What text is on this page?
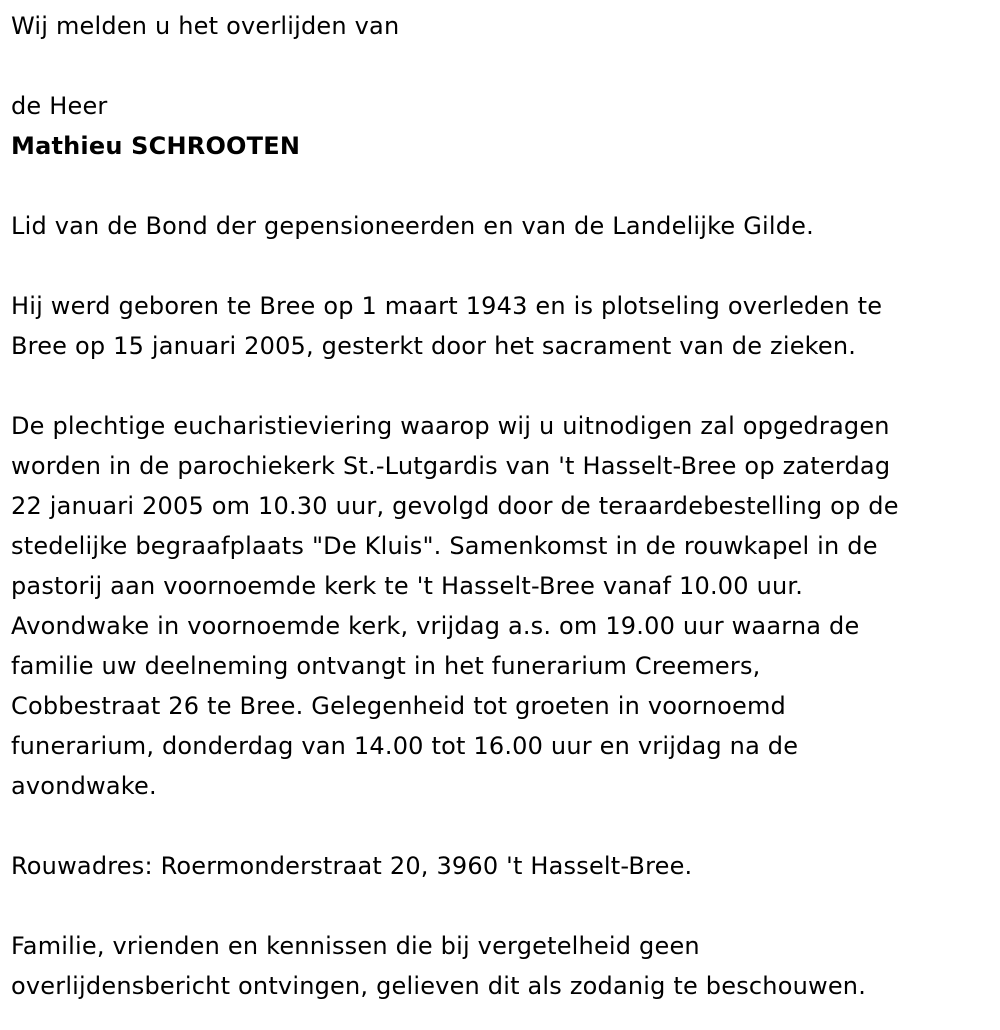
Wij melden u het overlijden van

de Heer

Mathieu SCHROOTEN

Lid van de Bond der gepensioneerden en van de Landelijke Gilde.

Hij werd geboren te Bree op 1 maart 1943 en is plotseling overleden te
Bree op 15 januari 2005, gesterkt door het sacrament van de zieken.

De plechtige eucharistieviering waarop wij u uitnodigen zal opgedragen
worden in de parochiekerk St.-Lutgardis van 't Hasselt-Bree op zaterdag
22 januari 2005 om 10.30 uur, gevolgd door de teraardebestelling op de
stedelijke begraafplaats "De Kluis". Samenkomst in de rouwkapel in de
pastorij aan voornoemde kerk te 't Hasselt-Bree vanaf 10.00 uur.
Avondwake in voornoemde kerk, vrijdag a.s. om 19.00 uur waarna de
familie uw deelneming ontvangt in het funerarium Creemers,
Cobbestraat 26 te Bree. Gelegenheid tot groeten in voornoemd
funerarium, donderdag van 14.00 tot 16.00 uur en vrijdag na de
avondwake.

Rouwadres: Roermonderstraat 20, 3960 't Hasselt-Bree.

Familie, vrienden en kennissen die bij vergetelheid geen
overlijdensbericht ontvingen, gelieven dit als zodanig te beschouwen.
